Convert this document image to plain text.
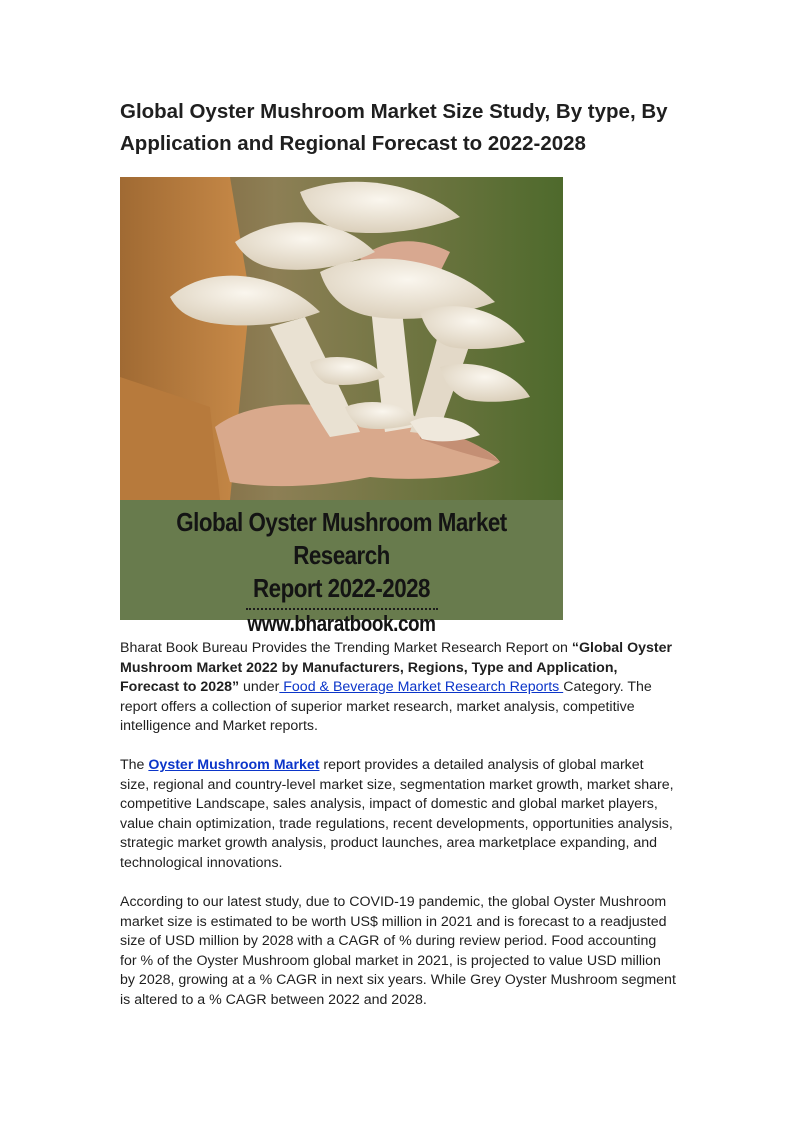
Global Oyster Mushroom Market Size Study, By type, By Application and Regional Forecast to 2022-2028
Global Oyster Mushroom Market Research
Report 2022-2028
www.bharatbook.com

Bharat Book Bureau Provides the Trending Market Research Report on “Global Oyster Mushroom Market 2022 by Manufacturers, Regions, Type and Application, Forecast to 2028” under Food & Beverage Market Research Reports Category. The report offers a collection of superior market research, market analysis, competitive intelligence and Market reports.

The Oyster Mushroom Market report provides a detailed analysis of global market size, regional and country-level market size, segmentation market growth, market share, competitive Landscape, sales analysis, impact of domestic and global market players, value chain optimization, trade regulations, recent developments, opportunities analysis, strategic market growth analysis, product launches, area marketplace expanding, and technological innovations.

According to our latest study, due to COVID-19 pandemic, the global Oyster Mushroom market size is estimated to be worth US$ million in 2021 and is forecast to a readjusted size of USD million by 2028 with a CAGR of % during review period. Food accounting for % of the Oyster Mushroom global market in 2021, is projected to value USD million by 2028, growing at a % CAGR in next six years. While Grey Oyster Mushroom segment is altered to a % CAGR between 2022 and 2028.
